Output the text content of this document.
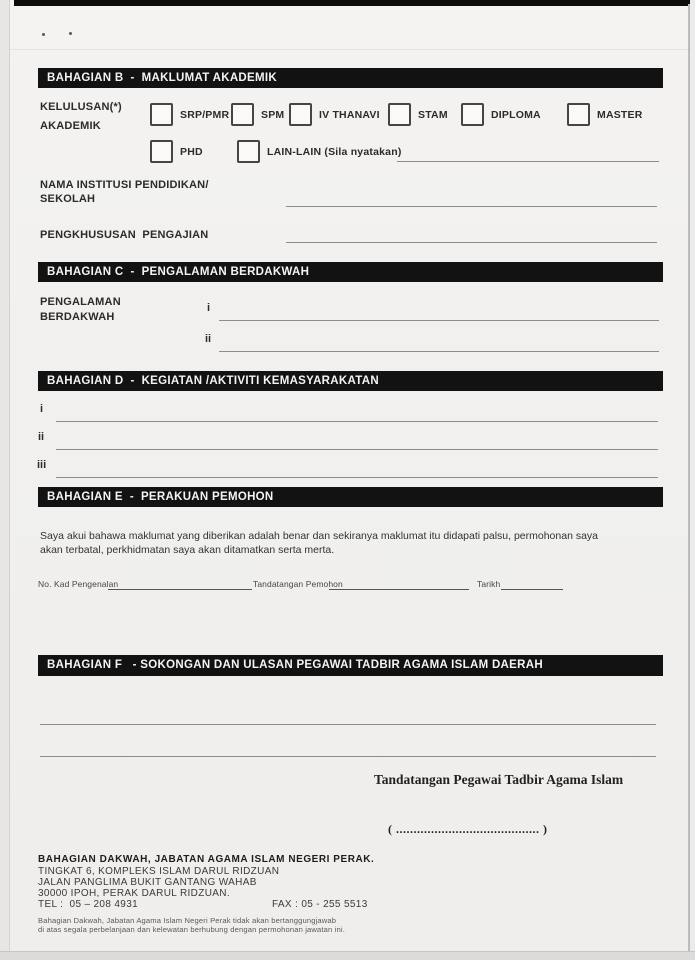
BAHAGIAN B  -  MAKLUMAT AKADEMIK
KELULUSAN(*)
AKADEMIK
SRP/PMR	SPM	IV THANAVI	STAM	DIPLOMA	MASTER
PHD	LAIN-LAIN (Sila nyatakan)
NAMA INSTITUSI PENDIDIKAN/
SEKOLAH
PENGKHUSUSAN  PENGAJIAN
BAHAGIAN C  -  PENGALAMAN BERDAKWAH
PENGALAMAN
BERDAKWAH
i
ii
BAHAGIAN D  -  KEGIATAN /AKTIVITI KEMASYARAKATAN
i
ii
iii
BAHAGIAN E  -  PERAKUAN PEMOHON
Saya akui bahawa maklumat yang diberikan adalah benar dan sekiranya maklumat itu didapati palsu, permohonan saya
akan terbatal, perkhidmatan saya akan ditamatkan serta merta.
No. Kad Pengenalan	Tandatangan Pemohon	Tarikh
BAHAGIAN F   - SOKONGAN DAN ULASAN PEGAWAI TADBIR AGAMA ISLAM DAERAH
Tandatangan Pegawai Tadbir Agama Islam
( ......................................... )
BAHAGIAN DAKWAH, JABATAN AGAMA ISLAM NEGERI PERAK.
TINGKAT 6, KOMPLEKS ISLAM DARUL RIDZUAN
JALAN PANGLIMA BUKIT GANTANG WAHAB
30000 IPOH, PERAK DARUL RIDZUAN.
TEL :  05 – 208 4931	FAX : 05 - 255 5513
Bahagian Dakwah, Jabatan Agama Islam Negeri Perak tidak akan bertanggungjawab
di atas segala perbelanjaan dan kelewatan berhubung dengan permohonan jawatan ini.
